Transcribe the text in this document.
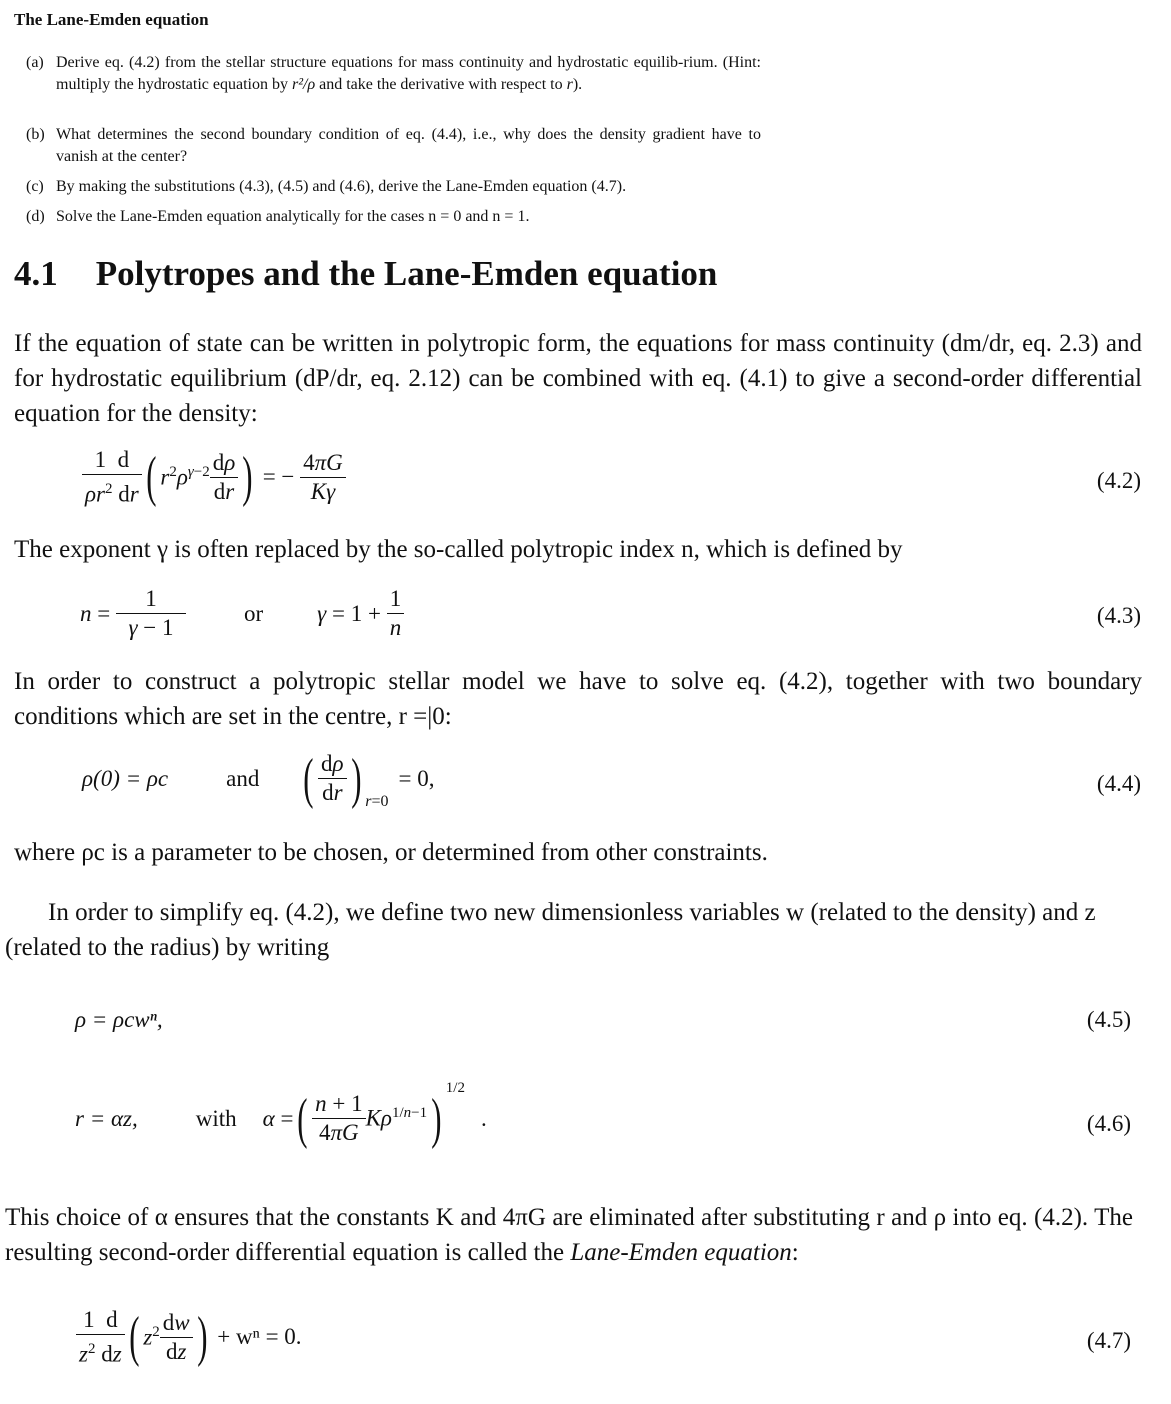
The Lane-Emden equation
(a) Derive eq. (4.2) from the stellar structure equations for mass continuity and hydrostatic equilib-rium. (Hint: multiply the hydrostatic equation by r²/ρ and take the derivative with respect to r).
(b) What determines the second boundary condition of eq. (4.4), i.e., why does the density gradient have to vanish at the center?
(c) By making the substitutions (4.3), (4.5) and (4.6), derive the Lane-Emden equation (4.7).
(d) Solve the Lane-Emden equation analytically for the cases n = 0 and n = 1.
4.1 Polytropes and the Lane-Emden equation
If the equation of state can be written in polytropic form, the equations for mass continuity (dm/dr, eq. 2.3) and for hydrostatic equilibrium (dP/dr, eq. 2.12) can be combined with eq. (4.1) to give a second-order differential equation for the density:
$\frac{1 d}{\rho r^2 dr}$ ( $r^2\rho^{\gamma-2} \frac{d\rho}{dr}$ ) = − $\frac{4\pi G}{K\gamma}$	(4.2)
The exponent γ is often replaced by the so-called polytropic index n, which is defined by
$n = \frac{1}{\gamma - 1}$	or $\gamma = 1 + \frac{1}{n}$	(4.3)
In order to construct a polytropic stellar model we have to solve eq. (4.2), together with two boundary conditions which are set in the centre, r =|0:
ρ(0) = ρc	and ( $\frac{d\rho}{dr}$ ) r=0
= 0,	(4.4)
where ρc is a parameter to be chosen, or determined from other constraints.
In order to simplify eq. (4.2), we define two new dimensionless variables w (related to the density) and z (related to the radius) by writing
ρ = ρcwⁿ,	(4.5)
r = αz,	with α = ( $\frac{n + 1}{4\pi G} K\rho^{1/n-1}$ ) 1/2
.	(4.6)
This choice of α ensures that the constants K and 4πG are eliminated after substituting r and ρ into eq. (4.2). The resulting second-order differential equation is called the Lane-Emden equation:
$\frac{1 d}{z^2 dz}$ ( $z^2 \frac{dw}{dz}$ ) + wⁿ = 0.	(4.7)
